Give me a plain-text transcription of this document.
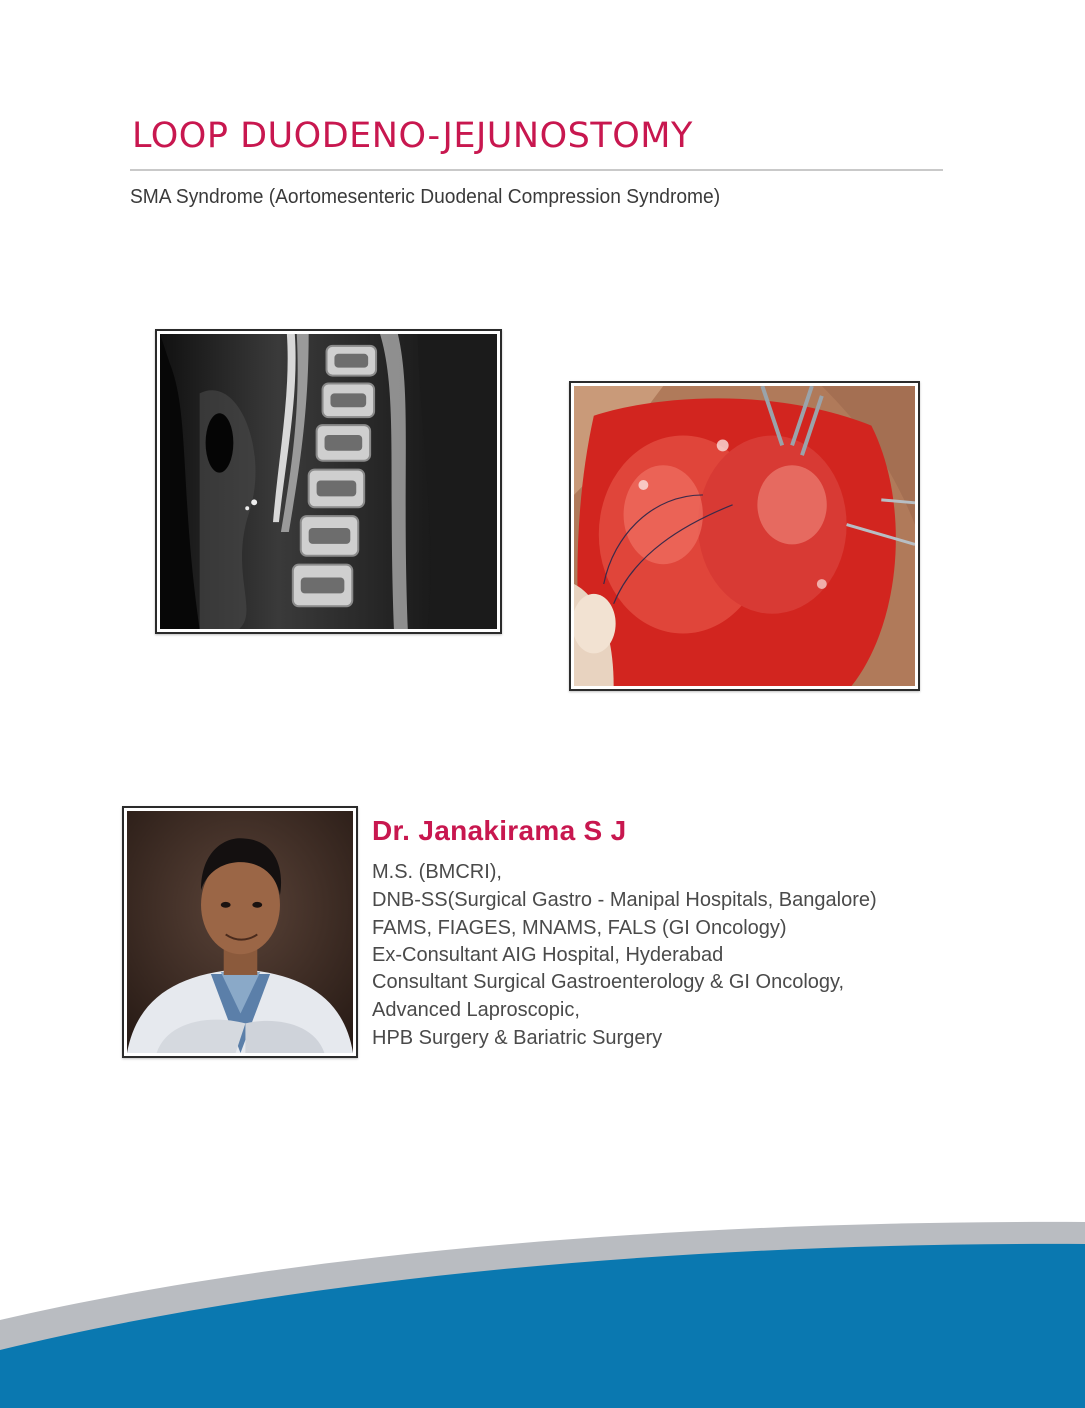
LOOP DUODENO-JEJUNOSTOMY

SMA Syndrome (Aortomesenteric Duodenal Compression Syndrome)

Dr. Janakirama S J
M.S. (BMCRI),
DNB-SS(Surgical Gastro - Manipal Hospitals, Bangalore)
FAMS, FIAGES, MNAMS, FALS (GI Oncology)
Ex-Consultant AIG Hospital, Hyderabad
Consultant Surgical Gastroenterology & GI Oncology,
Advanced Laproscopic,
HPB Surgery & Bariatric Surgery
